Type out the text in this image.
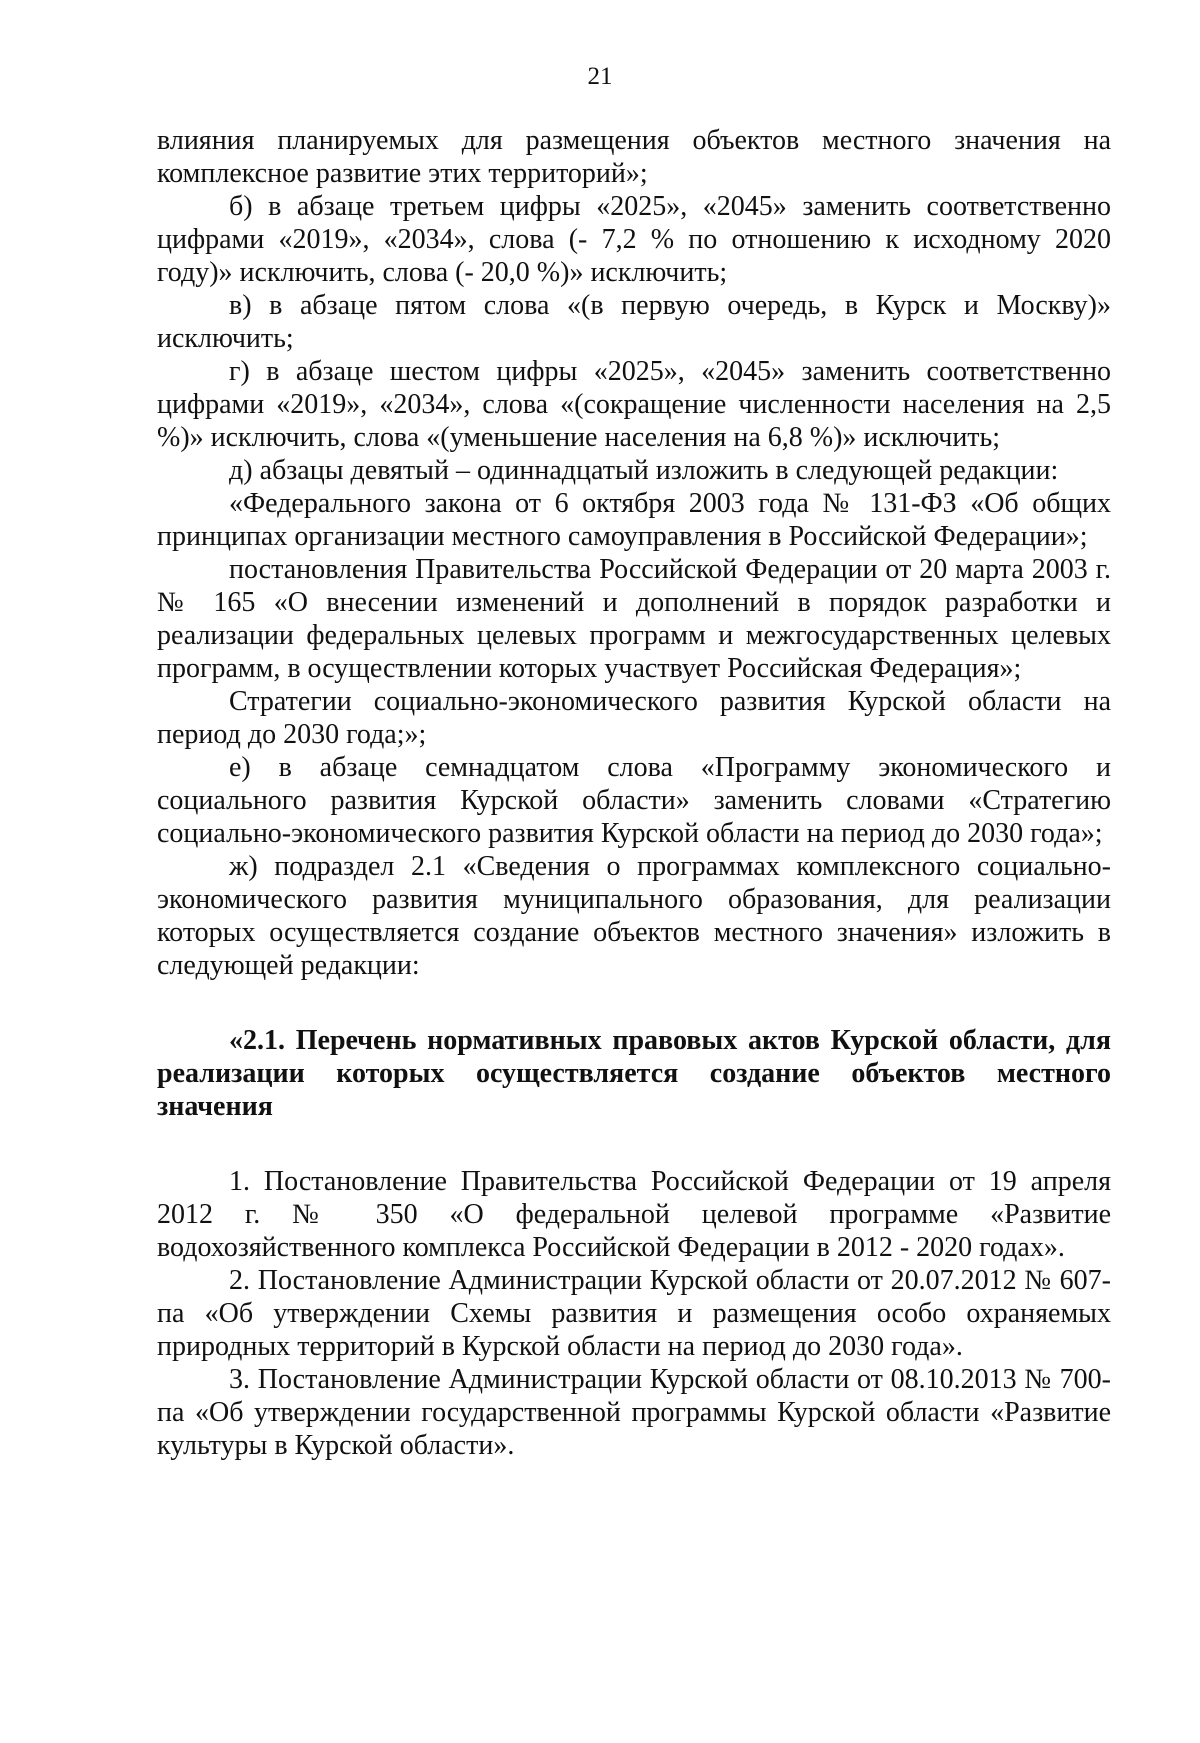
21

влияния планируемых для размещения объектов местного значения на комплексное развитие этих территорий»;

б) в абзаце третьем цифры «2025», «2045» заменить соответственно цифрами «2019», «2034», слова (- 7,2 % по отношению к исходному 2020 году)» исключить, слова (- 20,0 %)» исключить;

в) в абзаце пятом слова «(в первую очередь, в Курск и Москву)» исключить;

г) в абзаце шестом цифры «2025», «2045» заменить соответственно цифрами «2019», «2034», слова «(сокращение численности населения на 2,5 %)» исключить, слова «(уменьшение населения на 6,8 %)» исключить;

д) абзацы девятый – одиннадцатый изложить в следующей редакции:

«Федерального закона от 6 октября 2003 года № 131-ФЗ «Об общих принципах организации местного самоуправления в Российской Федерации»;

постановления Правительства Российской Федерации от 20 марта 2003 г. № 165 «О внесении изменений и дополнений в порядок разработки и реализации федеральных целевых программ и межгосударственных целевых программ, в осуществлении которых участвует Российская Федерация»;

Стратегии социально-экономического развития Курской области на период до 2030 года;»;

е) в абзаце семнадцатом слова «Программу экономического и социального развития Курской области» заменить словами «Стратегию социально-экономического развития Курской области на период до 2030 года»;

ж) подраздел 2.1 «Сведения о программах комплексного социально-экономического развития муниципального образования, для реализации которых осуществляется создание объектов местного значения» изложить в следующей редакции:

«2.1. Перечень нормативных правовых актов Курской области, для реализации которых осуществляется создание объектов местного значения

1. Постановление Правительства Российской Федерации от 19 апреля 2012 г. № 350 «О федеральной целевой программе «Развитие водохозяйственного комплекса Российской Федерации в 2012 - 2020 годах».

2. Постановление Администрации Курской области от 20.07.2012 № 607-па «Об утверждении Схемы развития и размещения особо охраняемых природных территорий в Курской области на период до 2030 года».

3. Постановление Администрации Курской области от 08.10.2013 № 700-па «Об утверждении государственной программы Курской области «Развитие культуры в Курской области».
